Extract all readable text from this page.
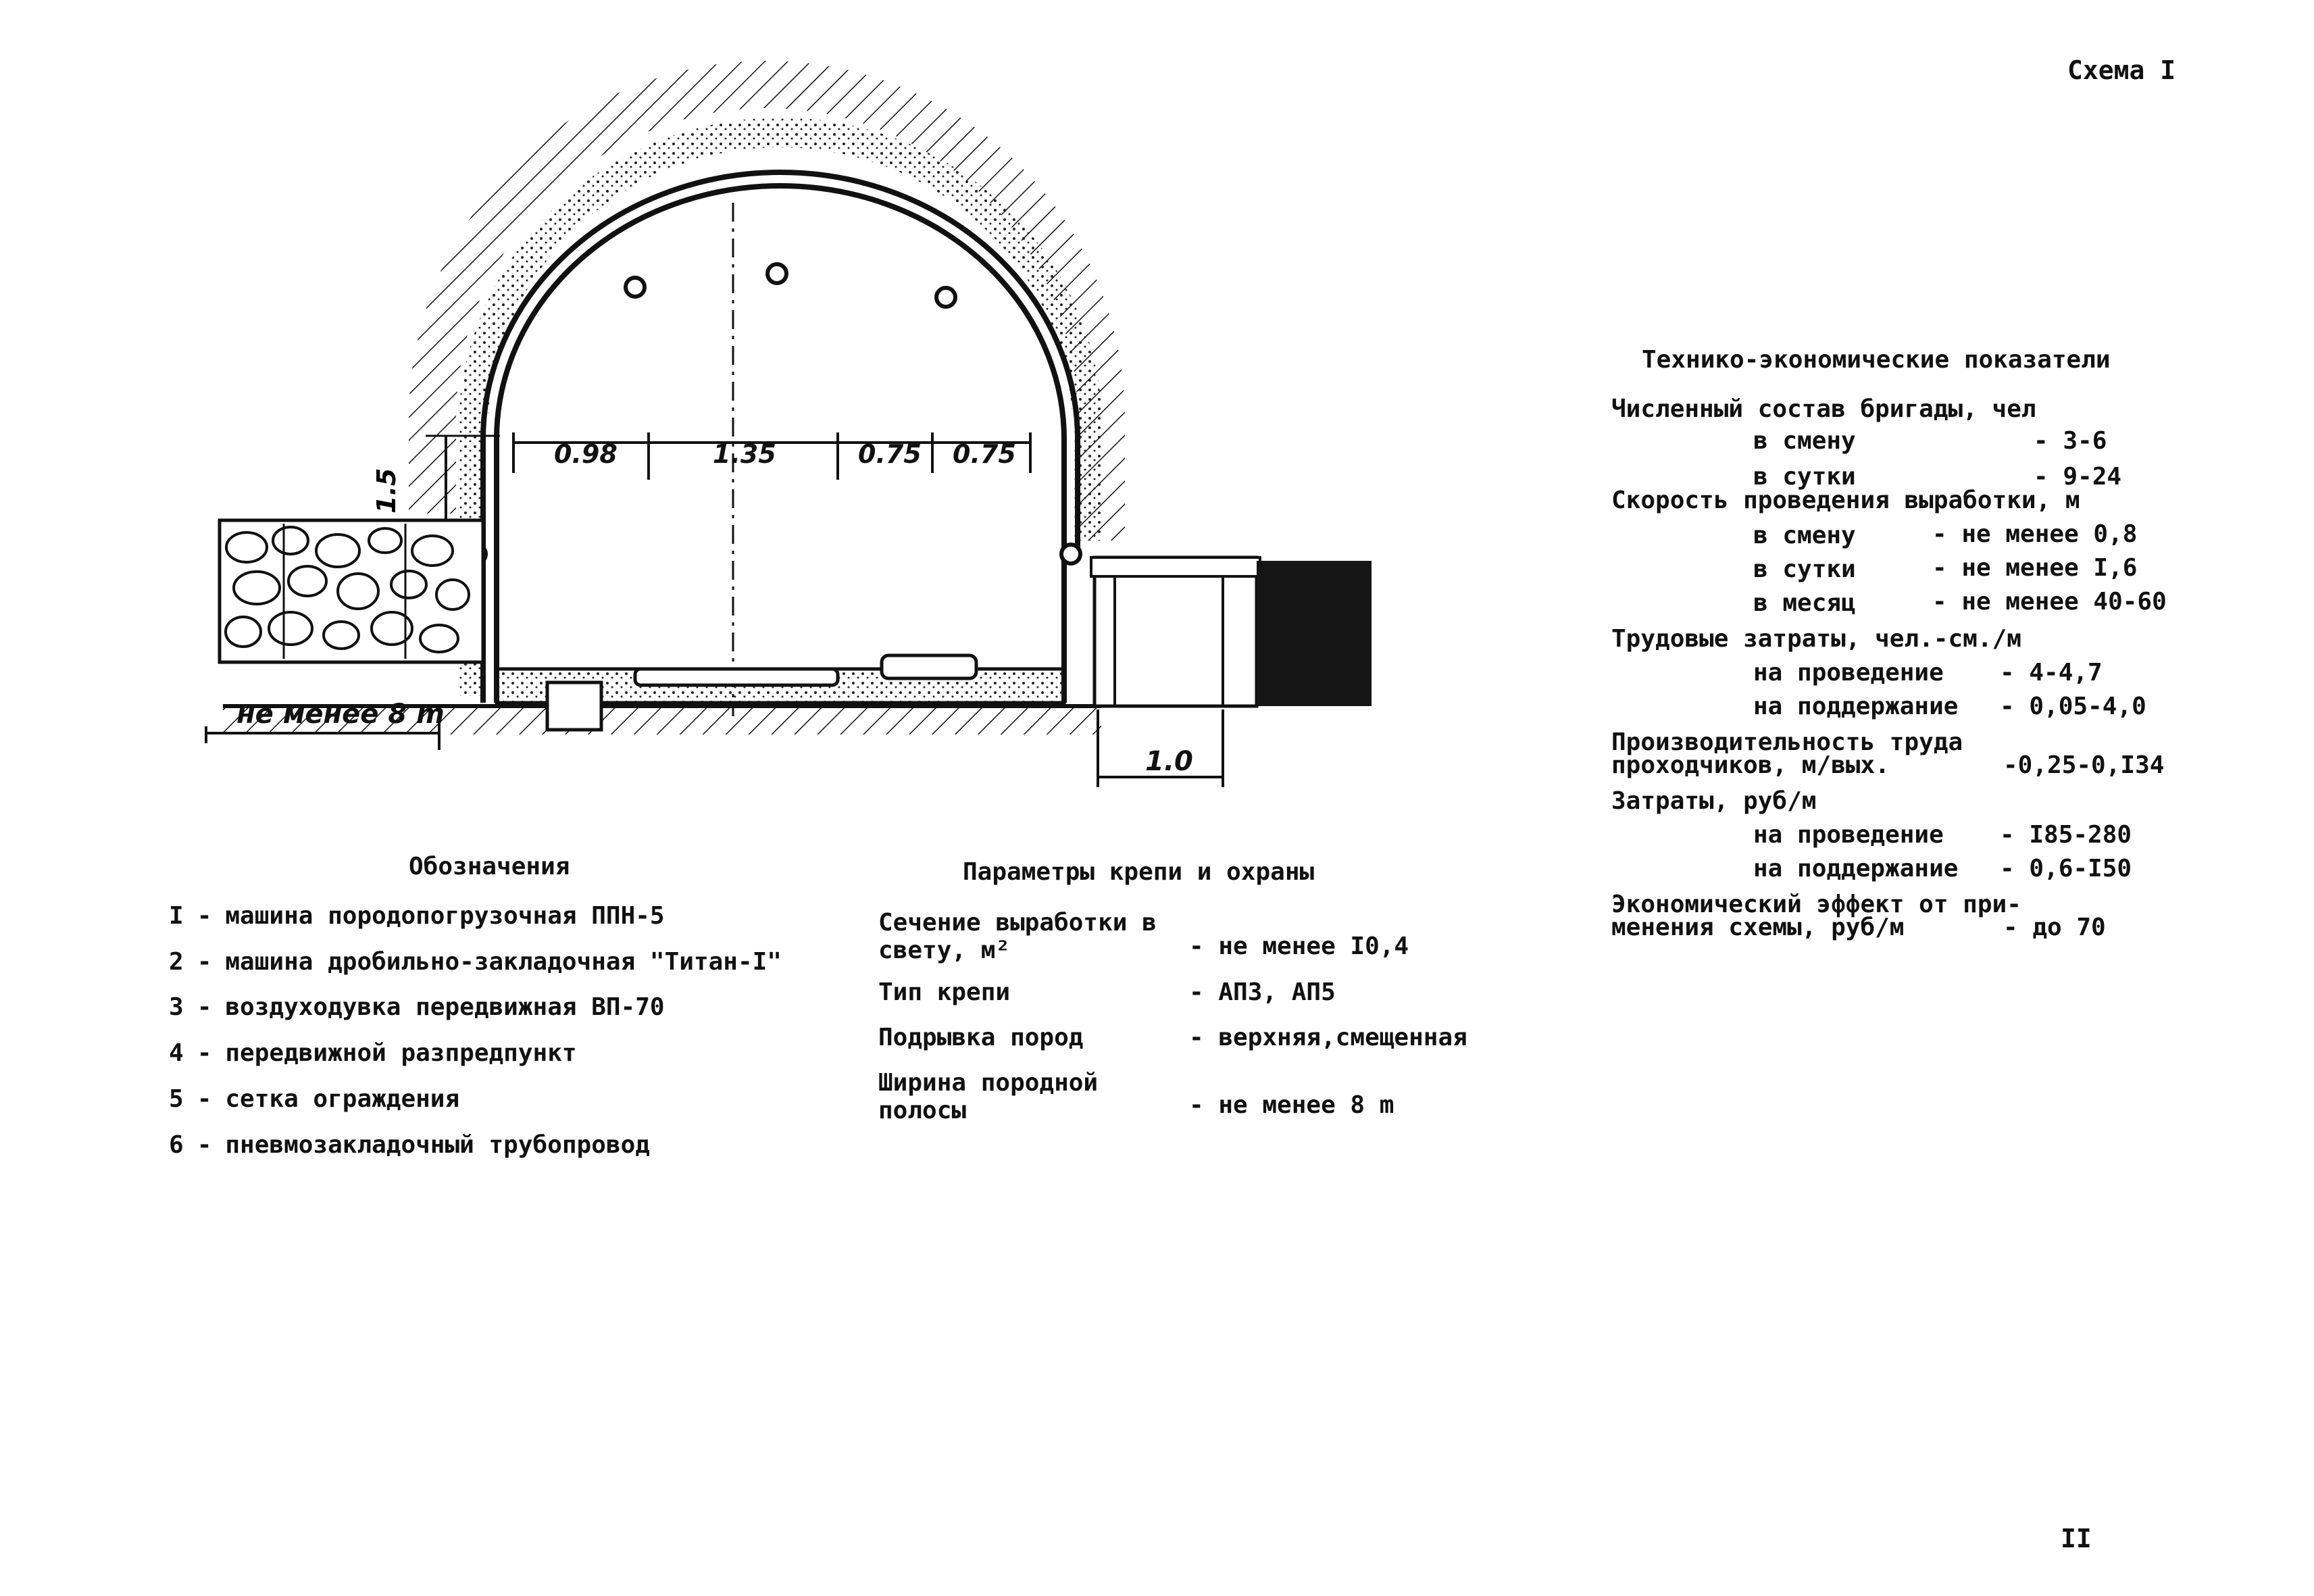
Схема I
II
0.98	1.35	0.75 0.75
1.5
не менее 8 m
1.0
Обозначения
I - машина породопогрузочная ППН-5
2 - машина дробильно-закладочная "Титан-I"
3 - воздуходувка передвижная ВП-70
4 - передвижной разпредпункт
5 - сетка ограждения
6 - пневмозакладочный трубопровод
Параметры крепи и охраны
Сечение выработки в
свету, м²	- не менее I0,4
Тип крепи	- АПЗ, АП5
Подрывка пород	- верхняя,смещенная
Ширина породной
полосы	- не менее 8 m
Технико-экономические показатели
Численный состав бригады, чел
в смену	- 3-6
в сутки	- 9-24
Скорость проведения выработки, м
в смену	- не менее 0,8
в сутки	- не менее I,6
в месяц	- не менее 40-60
Трудовые затраты, чел.-см./м
на проведение - 4-4,7
на поддержание - 0,05-4,0
Производительность труда
проходчиков, м/вых.	-0,25-0,I34
Затраты, руб/м
на проведение - I85-280
на поддержание - 0,6-I50
Экономический эффект от при-
менения схемы, руб/м	- до 70
